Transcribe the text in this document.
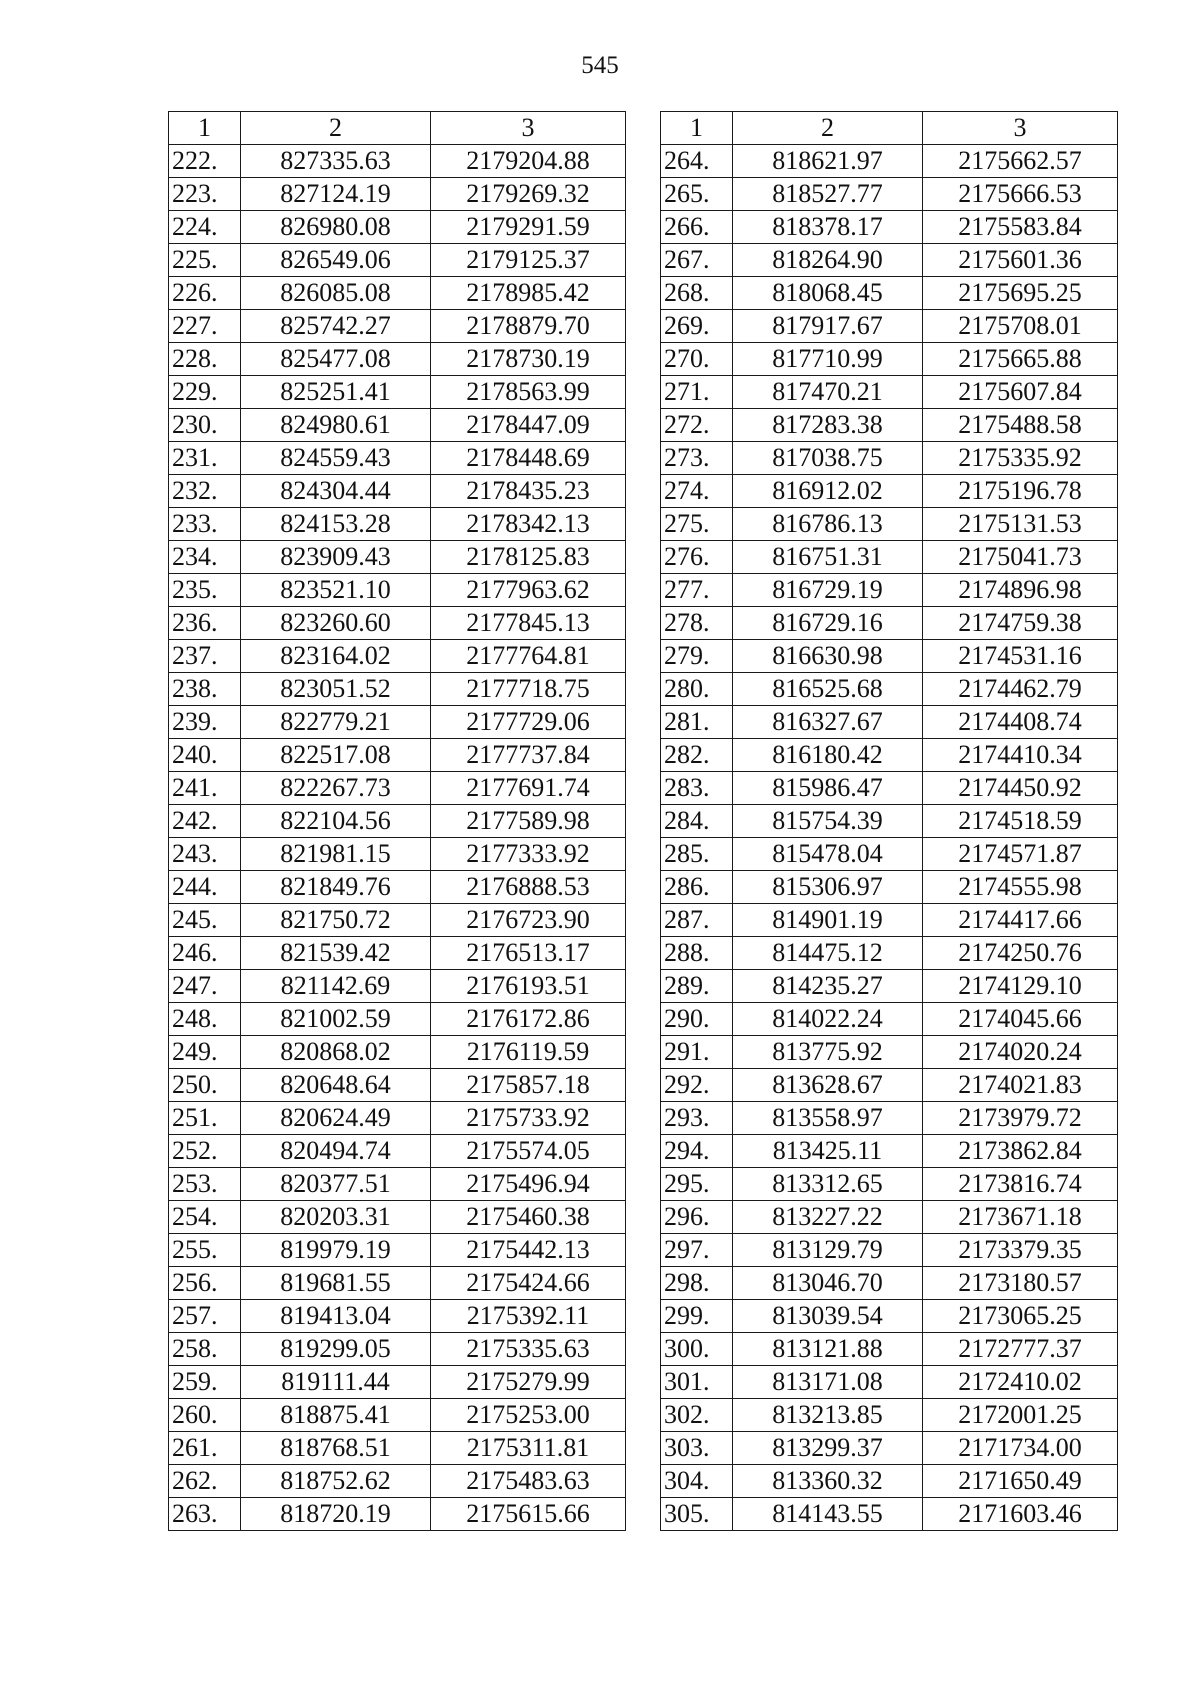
545
1	2	3
222.	827335.63	2179204.88
223.	827124.19	2179269.32
224.	826980.08	2179291.59
225.	826549.06	2179125.37
226.	826085.08	2178985.42
227.	825742.27	2178879.70
228.	825477.08	2178730.19
229.	825251.41	2178563.99
230.	824980.61	2178447.09
231.	824559.43	2178448.69
232.	824304.44	2178435.23
233.	824153.28	2178342.13
234.	823909.43	2178125.83
235.	823521.10	2177963.62
236.	823260.60	2177845.13
237.	823164.02	2177764.81
238.	823051.52	2177718.75
239.	822779.21	2177729.06
240.	822517.08	2177737.84
241.	822267.73	2177691.74
242.	822104.56	2177589.98
243.	821981.15	2177333.92
244.	821849.76	2176888.53
245.	821750.72	2176723.90
246.	821539.42	2176513.17
247.	821142.69	2176193.51
248.	821002.59	2176172.86
249.	820868.02	2176119.59
250.	820648.64	2175857.18
251.	820624.49	2175733.92
252.	820494.74	2175574.05
253.	820377.51	2175496.94
254.	820203.31	2175460.38
255.	819979.19	2175442.13
256.	819681.55	2175424.66
257.	819413.04	2175392.11
258.	819299.05	2175335.63
259.	819111.44	2175279.99
260.	818875.41	2175253.00
261.	818768.51	2175311.81
262.	818752.62	2175483.63
263.	818720.19	2175615.66
1	2	3
264.	818621.97	2175662.57
265.	818527.77	2175666.53
266.	818378.17	2175583.84
267.	818264.90	2175601.36
268.	818068.45	2175695.25
269.	817917.67	2175708.01
270.	817710.99	2175665.88
271.	817470.21	2175607.84
272.	817283.38	2175488.58
273.	817038.75	2175335.92
274.	816912.02	2175196.78
275.	816786.13	2175131.53
276.	816751.31	2175041.73
277.	816729.19	2174896.98
278.	816729.16	2174759.38
279.	816630.98	2174531.16
280.	816525.68	2174462.79
281.	816327.67	2174408.74
282.	816180.42	2174410.34
283.	815986.47	2174450.92
284.	815754.39	2174518.59
285.	815478.04	2174571.87
286.	815306.97	2174555.98
287.	814901.19	2174417.66
288.	814475.12	2174250.76
289.	814235.27	2174129.10
290.	814022.24	2174045.66
291.	813775.92	2174020.24
292.	813628.67	2174021.83
293.	813558.97	2173979.72
294.	813425.11	2173862.84
295.	813312.65	2173816.74
296.	813227.22	2173671.18
297.	813129.79	2173379.35
298.	813046.70	2173180.57
299.	813039.54	2173065.25
300.	813121.88	2172777.37
301.	813171.08	2172410.02
302.	813213.85	2172001.25
303.	813299.37	2171734.00
304.	813360.32	2171650.49
305.	814143.55	2171603.46
